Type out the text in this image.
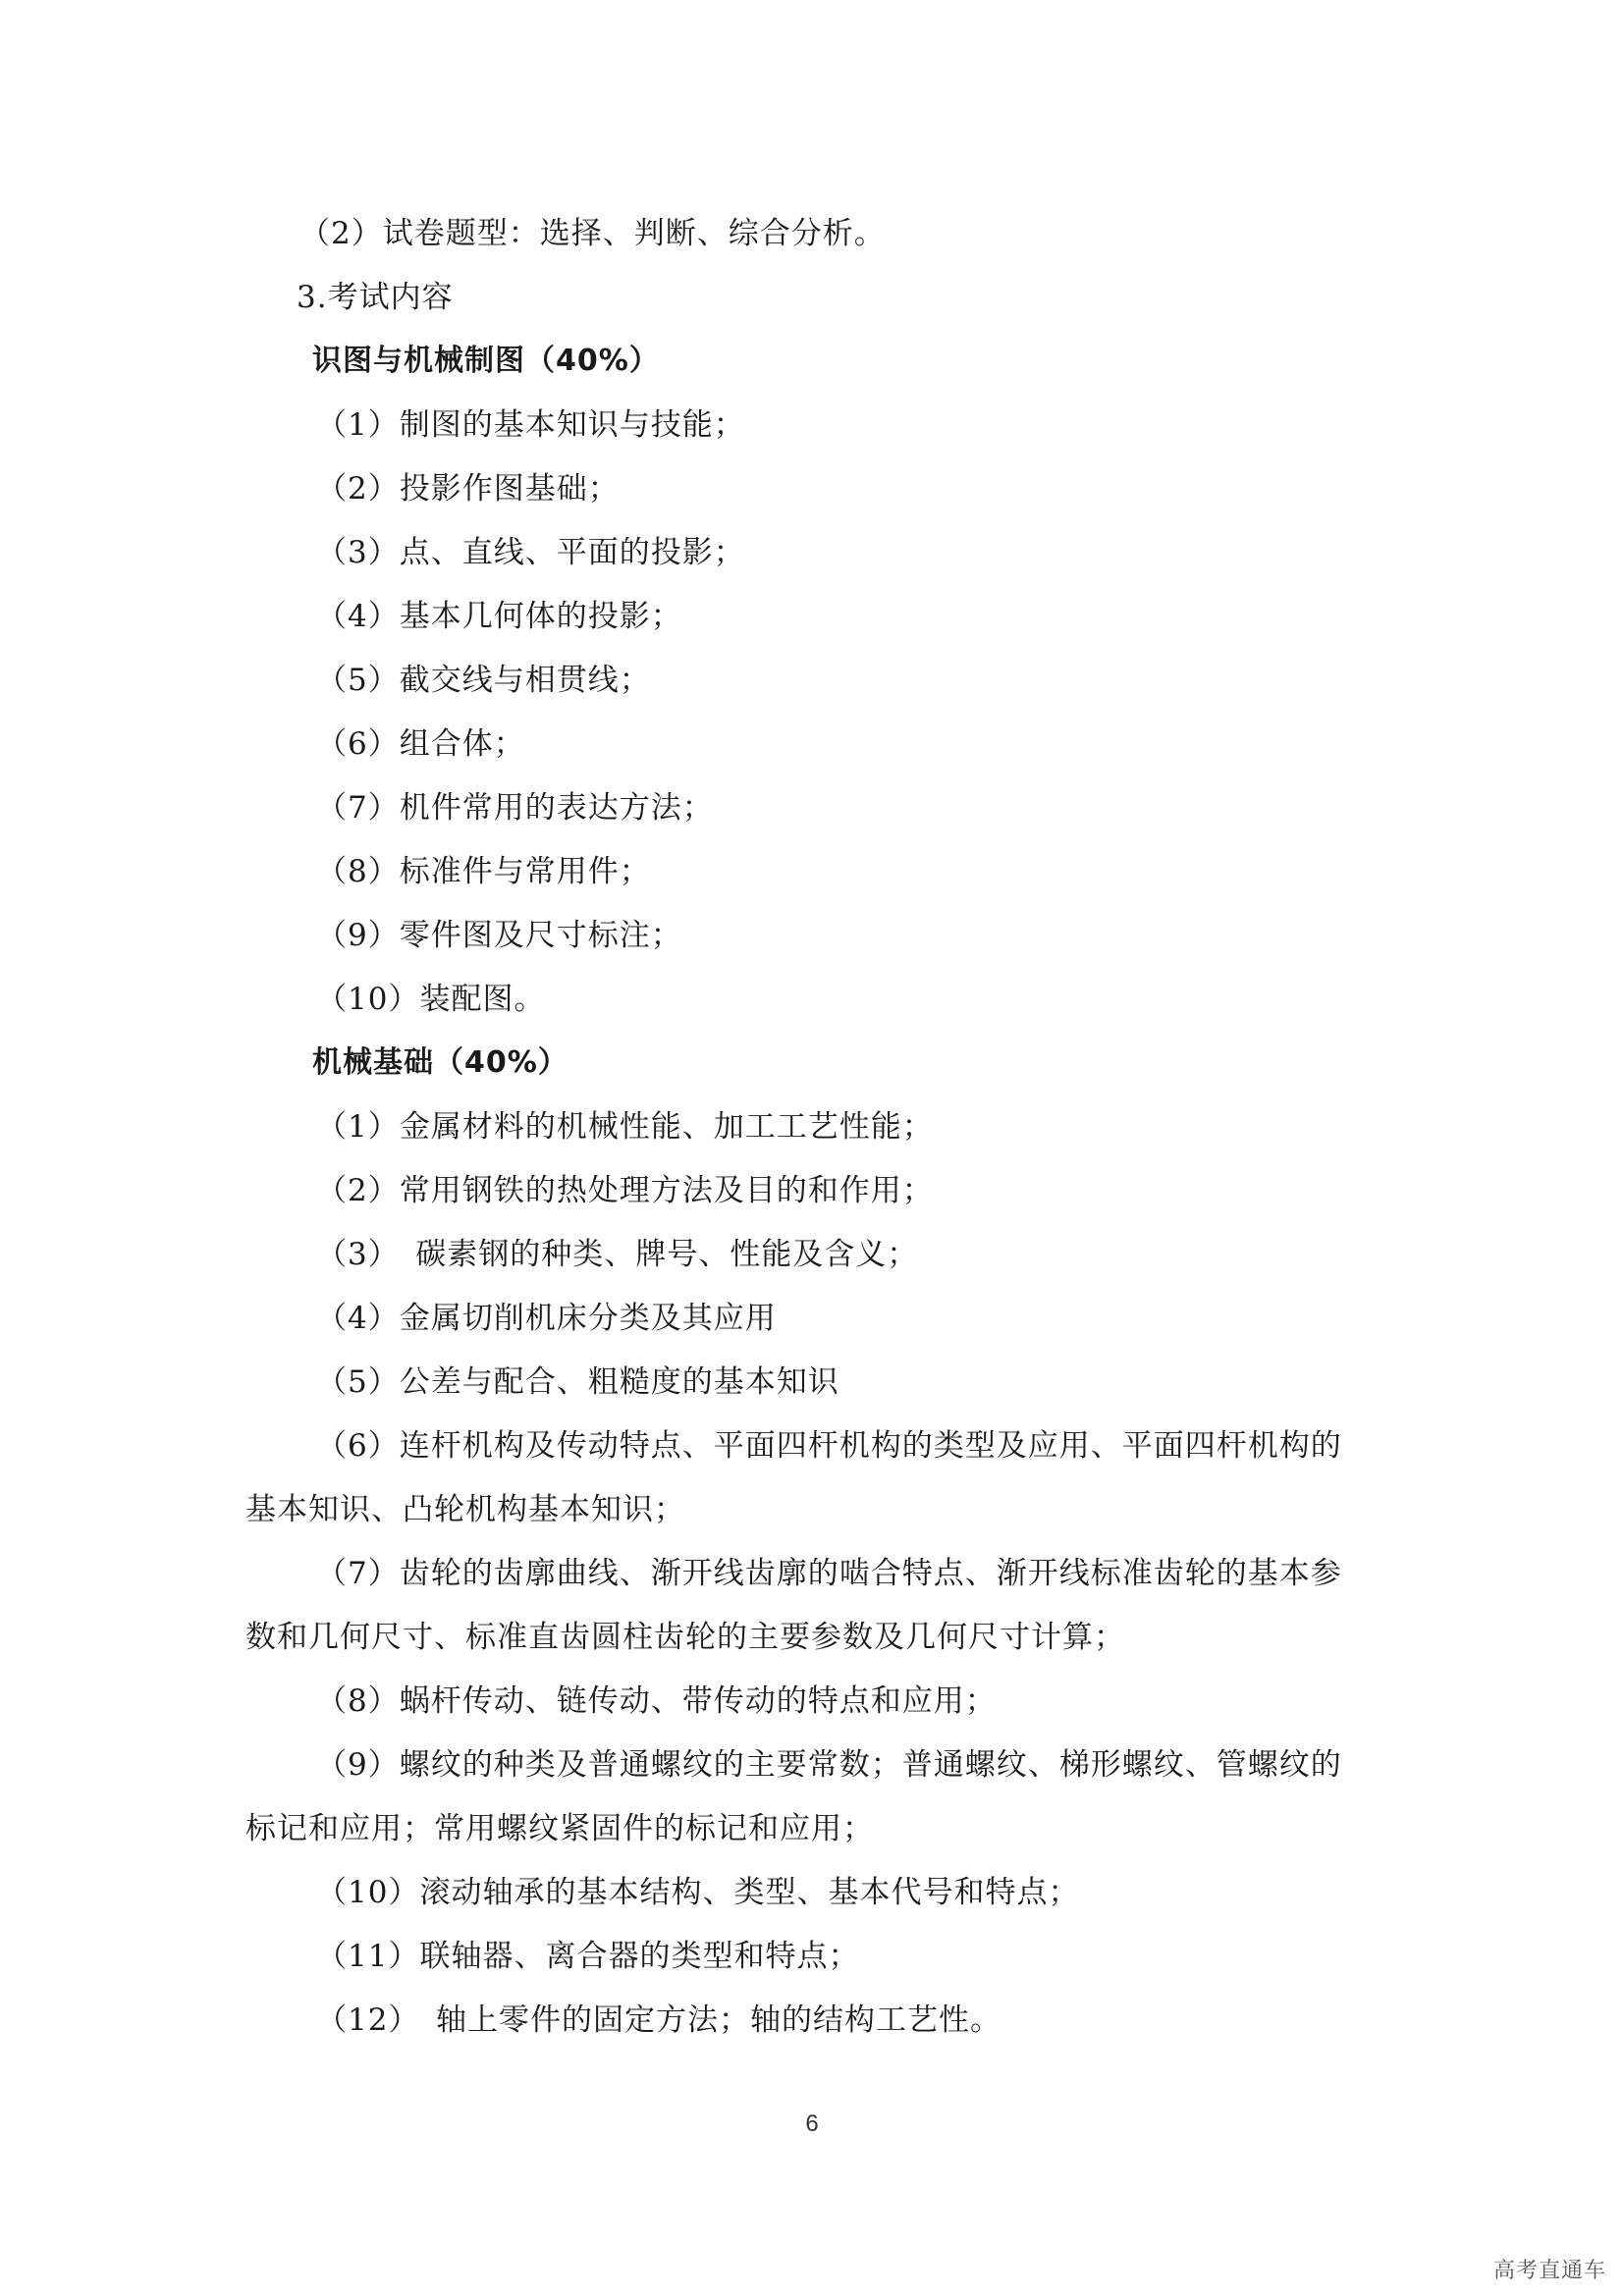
（2）试卷题型：选择、判断、综合分析。
3.考试内容
识图与机械制图（40%）
（1）制图的基本知识与技能；
（2）投影作图基础；
（3）点、直线、平面的投影；
（4）基本几何体的投影；
（5）截交线与相贯线；
（6）组合体；
（7）机件常用的表达方法；
（8）标准件与常用件；
（9）零件图及尺寸标注；
（10）装配图。
机械基础（40%）
（1）金属材料的机械性能、加工工艺性能；
（2）常用钢铁的热处理方法及目的和作用；
（3）　碳素钢的种类、牌号、性能及含义；
（4）金属切削机床分类及其应用
（5）公差与配合、粗糙度的基本知识
（6）连杆机构及传动特点、平面四杆机构的类型及应用、平面四杆机构的
基本知识、凸轮机构基本知识；
（7）齿轮的齿廓曲线、渐开线齿廓的啮合特点、渐开线标准齿轮的基本参
数和几何尺寸、标准直齿圆柱齿轮的主要参数及几何尺寸计算；
（8）蜗杆传动、链传动、带传动的特点和应用；
（9）螺纹的种类及普通螺纹的主要常数；普通螺纹、梯形螺纹、管螺纹的
标记和应用；常用螺纹紧固件的标记和应用；
（10）滚动轴承的基本结构、类型、基本代号和特点；
（11）联轴器、离合器的类型和特点；
（12）　轴上零件的固定方法；轴的结构工艺性。
6
高考直通车
